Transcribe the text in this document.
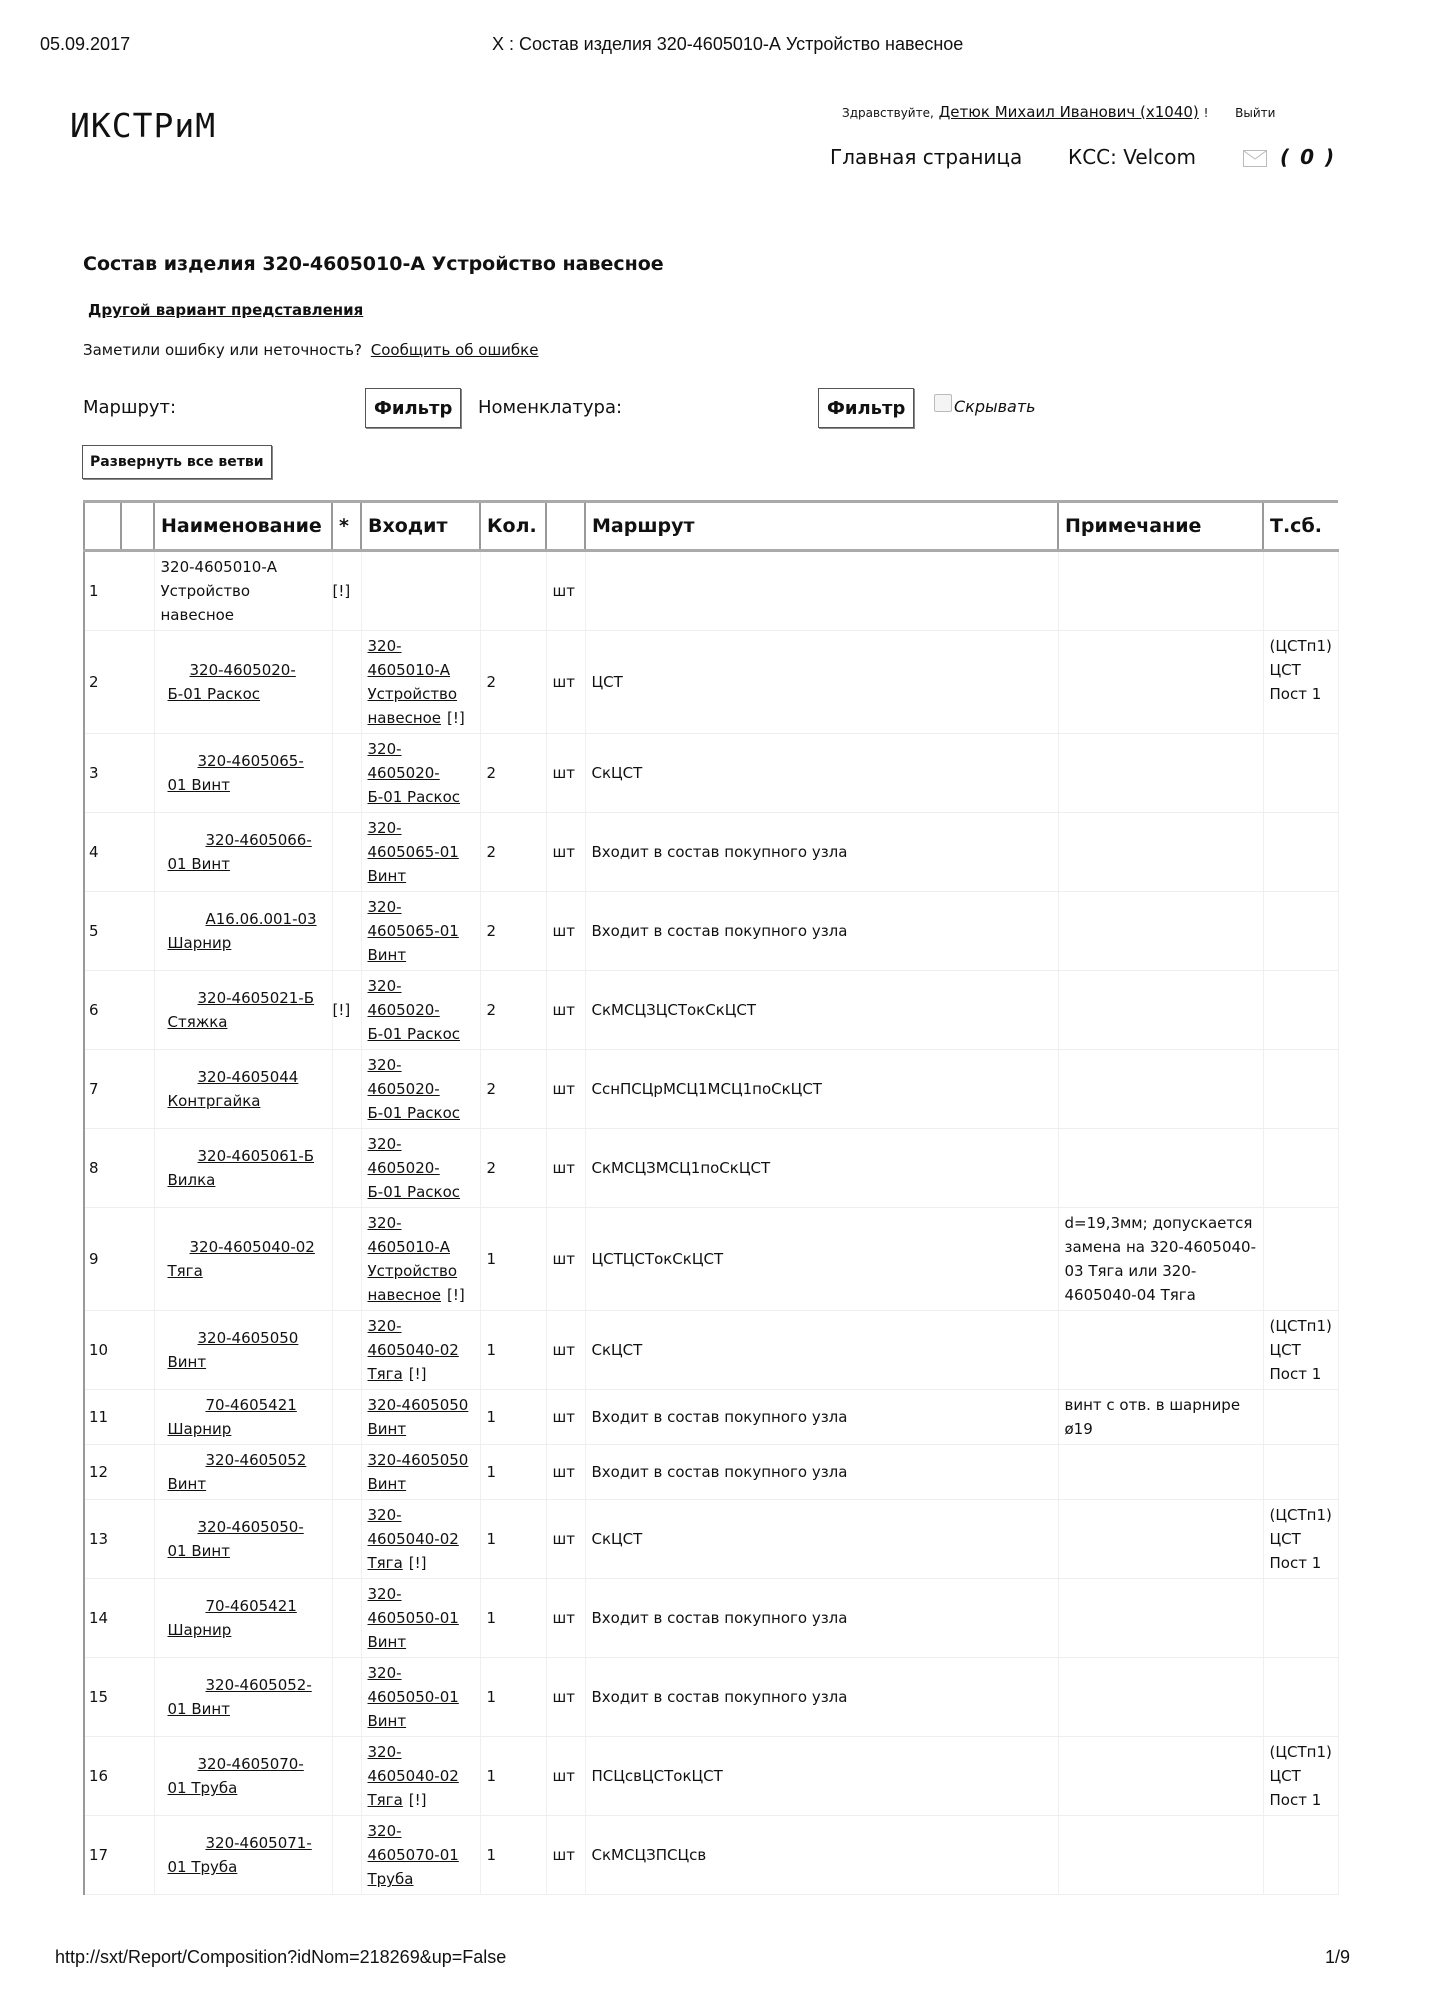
05.09.2017	X : Состав изделия 320-4605010-А Устройство навесное
ИКСТРиМ	Здравствуйте, Детюк Михаил Иванович (x1040) ! Выйти
Главная страница КСС: Velcom	( 0 )
Состав изделия 320-4605010-А Устройство навесное
Другой вариант представления
Заметили ошибку или неточность? Сообщить об ошибке
Маршрут:	Фильтр	Номенклатура:	Фильтр	Скрывать
Развернуть все ветви
		Наименование	*	Входит	Кол.		Маршрут	Примечание	Т.сб.
1		320-4605010-А Устройство навесное	[!]			шт			
2		320-4605020-Б-01 Раскос		320-4605010-А Устройство навесное [!]	2	шт	ЦСТ		(ЦСТп1) ЦСТ Пост 1
3		320-4605065-01 Винт		320-4605020-Б-01 Раскос	2	шт	СкЦСТ		
4		320-4605066-01 Винт		320-4605065-01 Винт	2	шт	Входит в состав покупного узла		
5		А16.06.001-03 Шарнир		320-4605065-01 Винт	2	шт	Входит в состав покупного узла		
6		320-4605021-Б Стяжка	[!]	320-4605020-Б-01 Раскос	2	шт	СкМСЦЗЦСТокСкЦСТ		
7		320-4605044 Контргайка		320-4605020-Б-01 Раскос	2	шт	СснПСЦрМСЦ1МСЦ1поСкЦСТ		
8		320-4605061-Б Вилка		320-4605020-Б-01 Раскос	2	шт	СкМСЦЗМСЦ1поСкЦСТ		
9		320-4605040-02 Тяга		320-4605010-А Устройство навесное [!]	1	шт	ЦСТЦСТокСкЦСТ	d=19,3мм; допускается замена на 320-4605040-03 Тяга или 320-4605040-04 Тяга	
10		320-4605050 Винт		320-4605040-02 Тяга [!]	1	шт	СкЦСТ		(ЦСТп1) ЦСТ Пост 1
11		70-4605421 Шарнир		320-4605050 Винт	1	шт	Входит в состав покупного узла	винт с отв. в шарнире ø19	
12		320-4605052 Винт		320-4605050 Винт	1	шт	Входит в состав покупного узла		
13		320-4605050-01 Винт		320-4605040-02 Тяга [!]	1	шт	СкЦСТ		(ЦСТп1) ЦСТ Пост 1
14		70-4605421 Шарнир		320-4605050-01 Винт	1	шт	Входит в состав покупного узла		
15		320-4605052-01 Винт		320-4605050-01 Винт	1	шт	Входит в состав покупного узла		
16		320-4605070-01 Труба		320-4605040-02 Тяга [!]	1	шт	ПСЦсвЦСТокЦСТ		(ЦСТп1) ЦСТ Пост 1
17		320-4605071-01 Труба		320-4605070-01 Труба	1	шт	СкМСЦЗПСЦсв		
http://sxt/Report/Composition?idNom=218269&up=False	1/9
